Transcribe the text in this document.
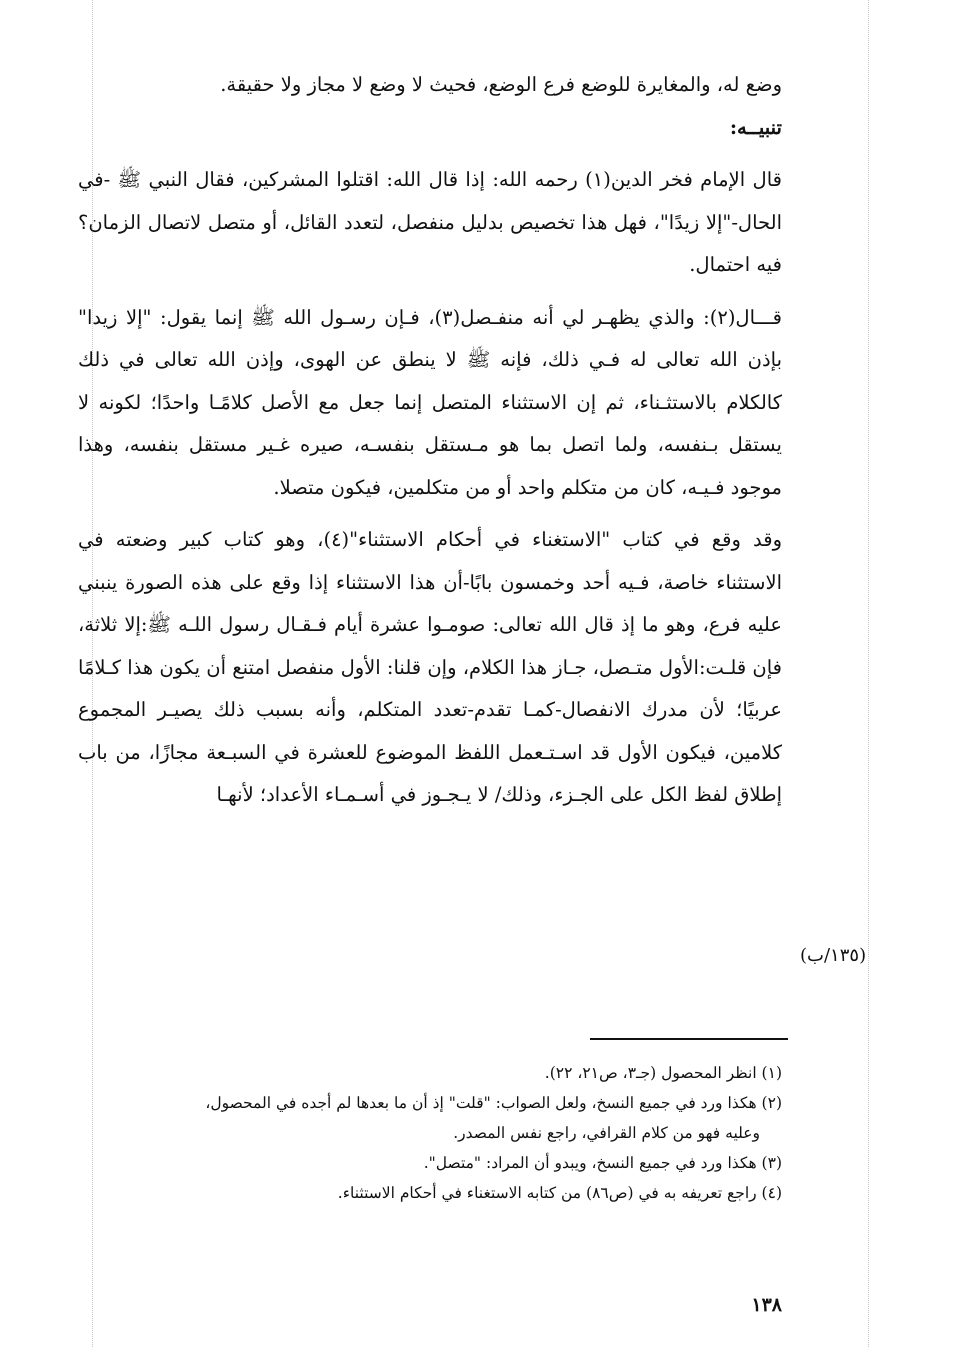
وضع له، والمغايرة للوضع فرع الوضع، فحيث لا وضع لا مجاز ولا حقيقة.

تنبيــه:

قال الإمام فخر الدين(١) رحمه الله: إذا قال الله: اقتلوا المشركين، فقال النبي ﷺ -في الحال-"إلا زيدًا"، فهل هذا تخصيص بدليل منفصل، لتعدد القائل، أو متصل لاتصال الزمان؟ فيه احتمال.

قـــال(٢): والذي يظهـر لي أنه منفـصل(٣)، فـإن رسـول الله ﷺ إنما يقول: "إلا زيدا" بإذن الله تعالى له فـي ذلك، فإنه ﷺ لا ينطق عن الهوى، وإذن الله تعالى في ذلك كالكلام بالاستثـناء، ثم إن الاستثناء المتصل إنما جعل مع الأصل كلامًـا واحدًا؛ لكونه لا يستقل بـنفسه، ولما اتصل بما هو مـستقل بنفسـه، صيره غـير مستقل بنفسه، وهذا موجود فـيـه، كان من متكلم واحد أو من متكلمين، فيكون متصلا.

وقد وقع في كتاب "الاستغناء في أحكام الاستثناء"(٤)، وهو كتاب كبير وضعته في الاستثناء خاصة، فـيه أحد وخمسون بابًا-أن هذا الاستثناء إذا وقع على هذه الصورة ينبني عليه فرع، وهو ما إذ قال الله تعالى: صومـوا عشرة أيام فـقـال رسول اللـه ﷺ:إلا ثلاثة، فإن قلـت:الأول متـصل، جـاز هذا الكلام، وإن قلنا: الأول منفصل امتنع أن يكون هذا كـلامًا عربيًا؛ لأن مدرك الانفصال-كمـا تقدم-تعدد المتكلم، وأنه بسبب ذلك يصيـر المجموع كلامين، فيكون الأول قد اسـتـعمل اللفظ الموضوع للعشرة في السبـعة مجازًا، من باب إطلاق لفظ الكل على الجـزء، وذلك/ لا يـجـوز في أسـمـاء الأعداد؛ لأنهـا

(١٣٥/ب)

(١) انظر المحصول (جـ٣، ص٢١، ٢٢).

(٢) هكذا ورد في جميع النسخ، ولعل الصواب: "قلت" إذ أن ما بعدها لم أجده في المحصول،

وعليه فهو من كلام القرافي، راجع نفس المصدر.

(٣) هكذا ورد في جميع النسخ، ويبدو أن المراد: "متصل".

(٤) راجع تعريفه به في (ص٨٦) من كتابه الاستغناء في أحكام الاستثناء.

١٣٨
